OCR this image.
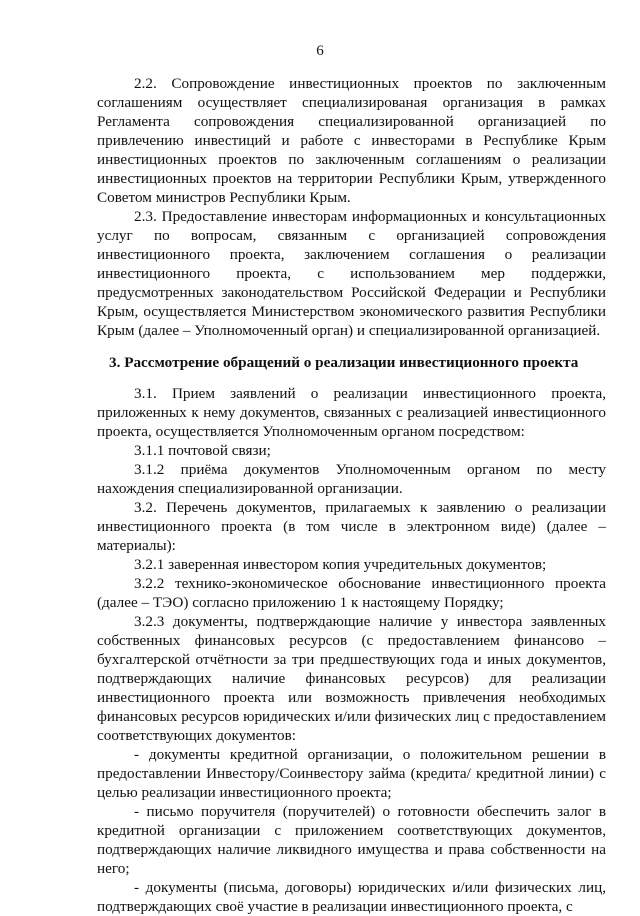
6

2.2. Сопровождение инвестиционных проектов по заключенным соглашениям осуществляет специализированая организация в рамках Регламента сопровождения специализированной организацией по привлечению инвестиций и работе с инвесторами в Республике Крым инвестиционных проектов по заключенным соглашениям о реализации инвестиционных проектов на территории Республики Крым, утвержденного Советом министров Республики Крым.

2.3. Предоставление инвесторам информационных и консультационных услуг по вопросам, связанным с организацией сопровождения инвестиционного проекта, заключением соглашения о реализации инвестиционного проекта, с использованием мер поддержки, предусмотренных законодательством Российской Федерации и Республики Крым, осуществляется Министерством экономического развития Республики Крым (далее – Уполномоченный орган) и специализированной организацией.

3. Рассмотрение обращений о реализации инвестиционного проекта

3.1. Прием заявлений о реализации инвестиционного проекта, приложенных к нему документов, связанных с реализацией инвестиционного проекта, осуществляется Уполномоченным органом посредством:

3.1.1 почтовой связи;

3.1.2 приёма документов Уполномоченным органом по месту нахождения специализированной организации.

3.2. Перечень документов, прилагаемых к заявлению о реализации инвестиционного проекта (в том числе в электронном виде) (далее – материалы):

3.2.1 заверенная инвестором копия учредительных документов;

3.2.2 технико-экономическое обоснование инвестиционного проекта (далее – ТЭО) согласно приложению 1 к настоящему Порядку;

3.2.3 документы, подтверждающие наличие у инвестора заявленных собственных финансовых ресурсов (с предоставлением финансово – бухгалтерской отчётности за три предшествующих года и иных документов, подтверждающих наличие финансовых ресурсов) для реализации инвестиционного проекта или возможность привлечения необходимых финансовых ресурсов юридических и/или физических лиц с предоставлением соответствующих документов:

- документы кредитной организации, о положительном решении в предоставлении Инвестору/Соинвестору займа (кредита/ кредитной линии) с целью реализации инвестиционного проекта;

- письмо поручителя (поручителей) о готовности обеспечить залог в кредитной организации с приложением соответствующих документов, подтверждающих наличие ликвидного имущества и права собственности на него;

- документы (письма, договоры) юридических и/или физических лиц, подтверждающих своё участие в реализации инвестиционного проекта, с
